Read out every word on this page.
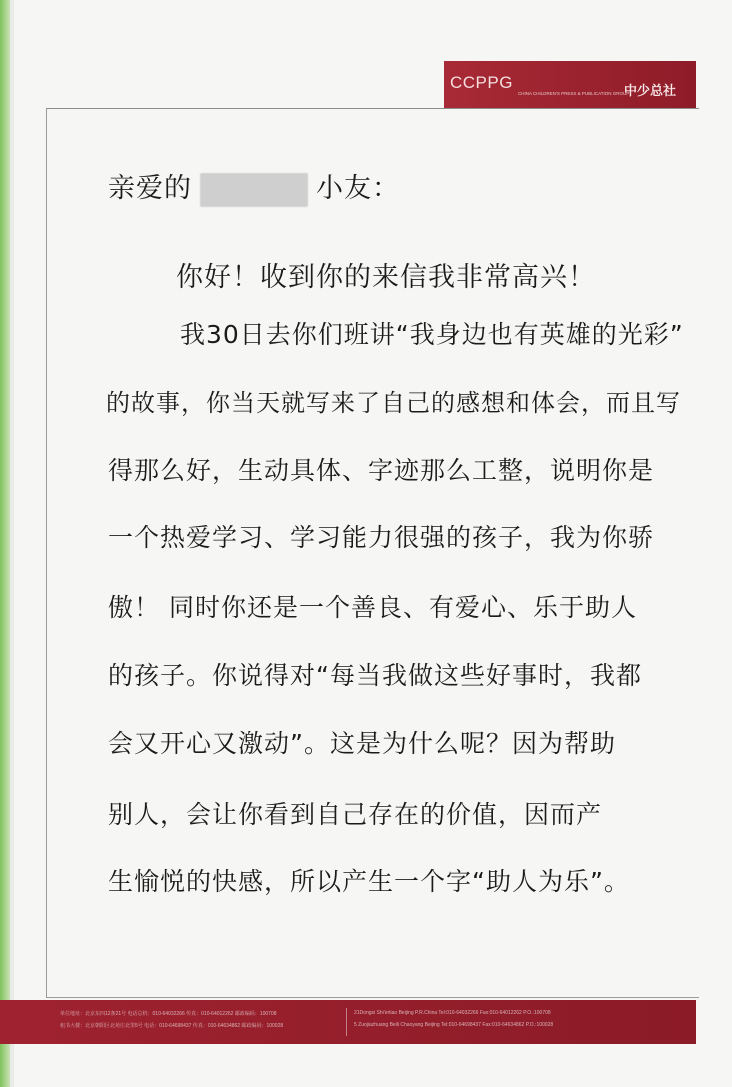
CCPPG
CHINA CHILDREN'S PRESS & PUBLICATION GROUP
中少总社
亲爱的	小友：
你好！收到你的来信我非常高兴！
我30日去你们班讲“我身边也有英雄的光彩”
的故事，你当天就写来了自己的感想和体会，而且写
得那么好，生动具体、字迹那么工整，说明你是
一个热爱学习、学习能力很强的孩子，我为你骄
傲！ 同时你还是一个善良、有爱心、乐于助人
的孩子。你说得对“每当我做这些好事时，我都
会又开心又激动”。这是为什么呢？因为帮助
别人，会让你看到自己存在的价值，因而产
生愉悦的快感，所以产生一个字“助人为乐”。
单位地址：北京东四12条21号 电话总机：010-64032266 传真：010-64012262 邮政编码：100708
租书大楼：北京朝阳区北苑庄北里5号 电话：010-64698437 传真：010-64634862 邮政编码：100028
21Dongsi Shi'ertiao Beijing P.R.China Tel:010-64032266 Fax:010-64012262 P.O.:100708
5 Zuojiazhuang Beili Chaoyang Beijing Tel:010-64698437 Fax:010-64634862 P.O.:100028
